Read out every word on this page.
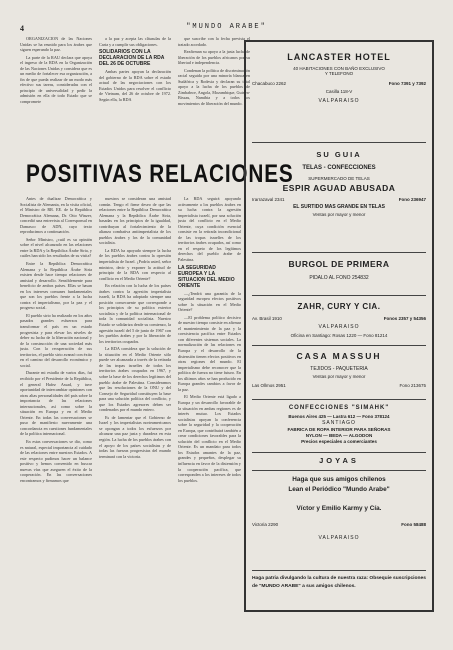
4	"MUNDO ARABE"

ORGANIZACION de las Naciones Unidas se ha reunido para los árabes que siguen esperando la paz.

La parte de la RAU declara que apoya el ingreso de la RDA en la Organización de las Naciones Unidas y considera que es un medio de fortalecer esa organización, a fin de que pueda realizar de un modo más efectivo sus tareas, consideradas con el principio de universalidad y pedir la admisión en ella de todo Estado que se compromete

a la paz y acepta las cláusulas de la Carta y a cumplir sus obligaciones.

SOLIDARIOS CON LA DECLARACION DE LA RDA DEL 26 DE OCTUBRE

Ambas partes apoyan la declaración del gobierno de la RDA sobre el estado actual de las negociaciones con los Estados Unidos para resolver el conflicto de Vietnam, del 26 de octubre de 1972. Según ella, la RDA

que suscribe con la fecha prevista el tratado acordado.

Reafirman su apoyo a la justa lucha de liberación de los pueblos africanos por su libertad e independencia.

Condenan la política de discriminación racial seguida por una minoría blanca en Sudáfrica y Rodesia y declaran su total apoyo a la lucha de los pueblos de Zimbabwe, Angola, Mozambique, Guinea-Bissau, Namibia y a todos los movimientos de liberación del mundo.

POSITIVAS RELACIONES

Antes de dualizar Democrática y Socialista de Alemania, en la visita oficial, el Ministro de RR. EE. de la República Democrática Alemana, Dr. Otto Winzer, concedió una entrevista al Corresponsal en Damasco de ADN, cuyo texto reproducimos a continuación.

Señor Ministro, ¿cuál es su opinión sobre el nivel alcanzado en las relaciones entre la RDA y la República Árabe Siria, y cuáles han sido los resultados de su visita?

Entre la República Democrática Alemana y la República Árabe Siria existen desde hace tiempo relaciones de amistad y desarrollo. Sensiblemente para beneficio de ambos países. Ellas se basan en los intereses comunes fundamentales que son los pueblos frente a la lucha contra el imperialismo, por la paz y el progreso social.

El pueblo sirio ha realizado en los años pasados grandes esfuerzos para transformar el país en un estado progresista y para elevar los niveles de deber su lucha de la liberación nacional y de la construcción de una sociedad más justa. Con la recuperación de sus territorios, el pueblo sirio avanzó con éxito en el camino del desarrollo económico y social.

Durante mi estadía de varios días, fui recibido por el Presidente de la República, el general Hafez Assad, y tuve oportunidad de intercambiar opiniones con otras altas personalidades del país sobre la importancia de las relaciones internacionales, así como sobre la situación en Europa y en el Medio Oriente. En todas las conversaciones se puso de manifiesto nuevamente una concordancia en cuestiones fundamentales de la política internacional.

En estas conversaciones se dio, como es natural, especial importancia al cuidado de las relaciones entre nuestros Estados. A este respecto pudimos hacer un balance positivo y hemos convenido en buscar nuevas vías que aseguren el éxito de la cooperación. En las conversaciones encontramos y firmamos que

nuestros se consideran una amistad común. Tengo el firme deseo de que las relaciones entre la República Democrática Alemana y la República Árabe Siria, basadas en los principios de la igualdad, contribuyan al fortalecimiento de la alianza combativa antiimperialista de los pueblos árabes y los de la comunidad socialista.

La RDA ha apoyado siempre la lucha de los pueblos árabes contra la opresión imperialista de Israel. ¿Podría usted, señor ministro, decir y exponer la actitud de principio de la RDA con respecto al conflicto en el Medio Oriente?

En relación con la lucha de los países árabes contra la agresión imperialista israelí, la RDA ha adoptado siempre una posición consecuente que corresponde a los principios de su política exterior socialista y de la política internacional de toda la comunidad socialista. Nuestro Estado se solidariza desde su comienzo, la agresión israelí del 5 de junio de 1967 con los pueblos árabes y por la liberación de los territorios ocupados.

La RDA considera que la solución de la situación en el Medio Oriente sólo puede ser alcanzada a través de la retirada de las tropas israelíes de todos los territorios árabes ocupados en 1967, y sobre la base de los derechos legítimos del pueblo árabe de Palestina. Consideramos que las resoluciones de la ONU y del Consejo de Seguridad constituyen la base para una solución política del conflicto, y que los Estados agresores deben ser condenados por el mundo entero.

Es de lamentar que el Gobierno de Israel y los imperialistas norteamericanos se opongan a todos los esfuerzos por alcanzar una paz justa y duradera en esta región. La lucha de los pueblos árabes con el apoyo de los países socialistas y de todas las fuerzas progresistas del mundo terminará con la victoria.

La RDA seguirá apoyando activamente a los pueblos árabes en su lucha contra la agresión imperialista israelí, por una solución justa del conflicto en el Medio Oriente, cuya condición esencial consiste en la retirada incondicional de las tropas israelíes de los territorios árabes ocupados, así como en el respeto de los legítimos derechos del pueblo árabe de Palestina.

LA SEGURIDAD EUROPEA Y LA SITUACION DEL MEDIO ORIENTE

—¿Tendrá una garantía de la seguridad europea efectos positivos sobre la situación en el Medio Oriente?

—El problema político decisivo de nuestro tiempo consiste en afirmar el mantenimiento de la paz y la coexistencia pacífica entre Estados con diferentes sistemas sociales. La normalización de las relaciones en Europa y el desarrollo de la distensión tienen efectos positivos en otras regiones del mundo. El imperialismo debe reconocer que la política de fuerza no tiene futuro. En los últimos años se han producido en Europa grandes cambios a favor de la paz.

El Medio Oriente está ligado a Europa y un desarrollo favorable de la situación en ambas regiones es de interés mutuo. Los Estados socialistas apoyan la conferencia sobre la seguridad y la cooperación en Europa, que contribuirá también a crear condiciones favorables para la solución del conflicto en el Medio Oriente. Es un mandato para todos los Estados amantes de la paz, grandes y pequeños, desplegar su influencia en favor de la distensión y la cooperación pacífica, que corresponden a los intereses de todos los pueblos.

LANCASTER HOTEL
40 HABITACIONES CON BAÑO EXCLUSIVO
Y TELEFONO
Chacabuco 2262	Fono 7391 y 7392
Casilla 118-V
VALPARAISO
SU GUIA
TELAS - CONFECCIONES
SUPERMERCADO DE TELAS
ESPIR AGUAD ABUSADA
Irarrazaval 2341	Fono 236947
EL SURTIDO MAS GRANDE EN TELAS
Ventas por mayor y menor
BURGOL DE PRIMERA
PIDALO AL FONO 254832
ZAHR, CURY Y CIA.
Av. Brasil 1910	Fonos 2357 y 54356
VALPARAISO
Oficina en Santiago: Rosas 1220 — Fono 81214
CASA MASSUH
TEJIDOS - PAQUETERIA
Ventas por mayor y menor
Las Ollmos 2951	Fono 213675
CONFECCIONES "SIMAHK"
Buenos Aires 425 — Lastra 612 — Fono 378124
SANTIAGO
FABRICA DE ROPA INTERIOR PARA SEÑORAS
NYLON — BEDA — ALGODON
Precios especiales a comerciantes
JOYAS
Haga que sus amigos chilenos
Lean el Periódico "Mundo Arabe"
Víctor y Emilio Karmy y Cía.
Victoria 2290	Fono 58488
VALPARAISO
Haga patria divulgando la cultura de nuestra raza: Obsequie suscripciones de "MUNDO ARABE" a sus amigos chilenos.
